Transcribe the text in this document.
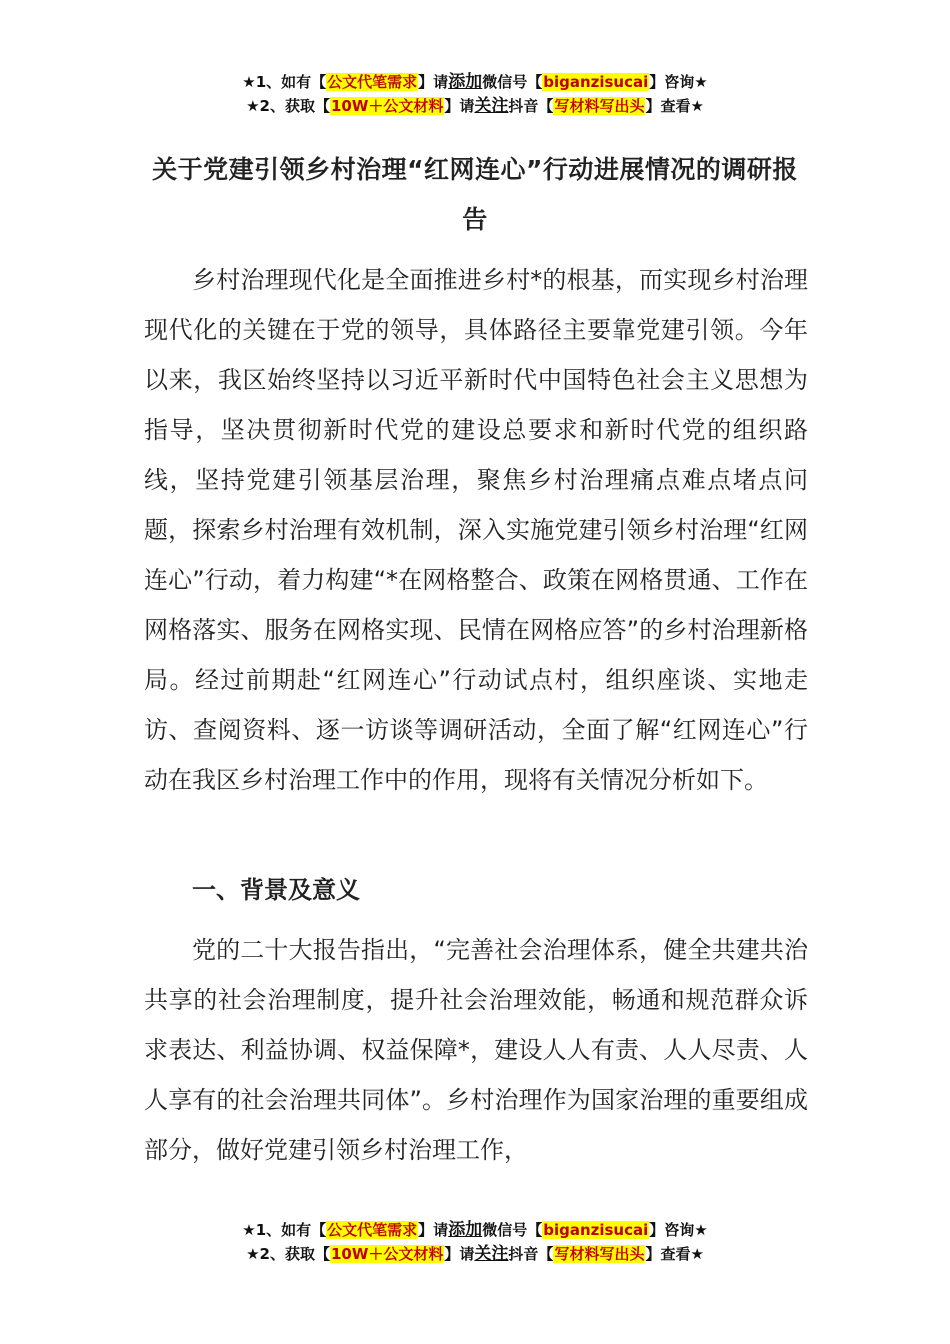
★1、如有【公文代笔需求】请添加微信号【biganzisucai】咨询★
★2、获取【10W＋公文材料】请关注抖音【写材料写出头】查看★
关于党建引领乡村治理“红网连心”行动进展情况的调研报告

乡村治理现代化是全面推进乡村*的根基，而实现乡村治理现代化的关键在于党的领导，具体路径主要靠党建引领。今年以来，我区始终坚持以习近平新时代中国特色社会主义思想为指导，坚决贯彻新时代党的建设总要求和新时代党的组织路线，坚持党建引领基层治理，聚焦乡村治理痛点难点堵点问题，探索乡村治理有效机制，深入实施党建引领乡村治理“红网连心”行动，着力构建“*在网格整合、政策在网格贯通、工作在网格落实、服务在网格实现、民情在网格应答”的乡村治理新格局。经过前期赴“红网连心”行动试点村，组织座谈、实地走访、查阅资料、逐一访谈等调研活动，全面了解“红网连心”行动在我区乡村治理工作中的作用，现将有关情况分析如下。

一、背景及意义

党的二十大报告指出，“完善社会治理体系，健全共建共治共享的社会治理制度，提升社会治理效能，畅通和规范群众诉求表达、利益协调、权益保障*，建设人人有责、人人尽责、人人享有的社会治理共同体”。乡村治理作为国家治理的重要组成部分，做好党建引领乡村治理工作，

★1、如有【公文代笔需求】请添加微信号【biganzisucai】咨询★
★2、获取【10W＋公文材料】请关注抖音【写材料写出头】查看★
